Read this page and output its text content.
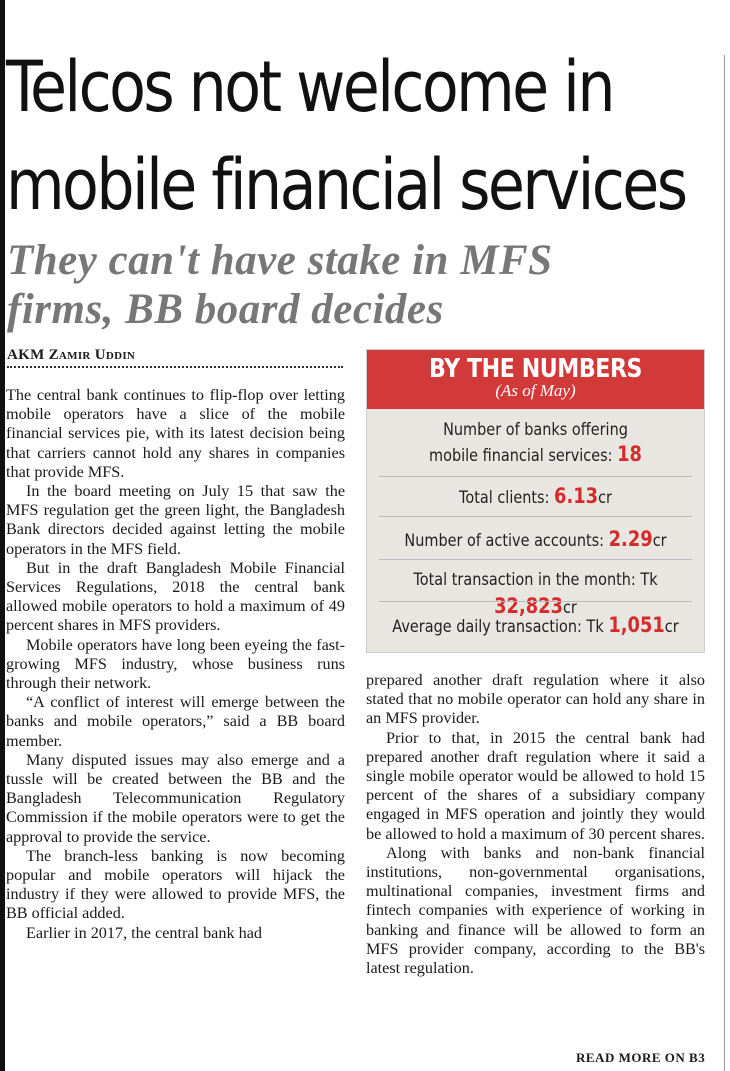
Telcos not welcome in
mobile financial services
They can't have stake in MFS
firms, BB board decides
AKM Zamir Uddin

The central bank continues to flip-flop over letting mobile operators have a slice of the mobile financial services pie, with its latest decision being that carriers cannot hold any shares in companies that provide MFS.

In the board meeting on July 15 that saw the MFS regulation get the green light, the Bangladesh Bank directors decided against letting the mobile operators in the MFS field.

But in the draft Bangladesh Mobile Financial Services Regulations, 2018 the central bank allowed mobile operators to hold a maximum of 49 percent shares in MFS providers.

Mobile operators have long been eyeing the fast-growing MFS industry, whose business runs through their network.

“A conflict of interest will emerge between the banks and mobile operators,” said a BB board member.

Many disputed issues may also emerge and a tussle will be created between the BB and the Bangladesh Telecommunication Regulatory Commission if the mobile operators were to get the approval to provide the service.

The branch-less banking is now becoming popular and mobile operators will hijack the industry if they were allowed to provide MFS, the BB official added.

Earlier in 2017, the central bank had

BY THE NUMBERS
(As of May)
Number of banks offering
mobile financial services: 18
Total clients: 6.13cr
Number of active accounts: 2.29cr
Total transaction in the month: Tk 32,823cr
Average daily transaction: Tk 1,051cr

prepared another draft regulation where it also stated that no mobile operator can hold any share in an MFS provider.

Prior to that, in 2015 the central bank had prepared another draft regulation where it said a single mobile operator would be allowed to hold 15 percent of the shares of a subsidiary company engaged in MFS operation and jointly they would be allowed to hold a maximum of 30 percent shares.

Along with banks and non-bank financial institutions, non-governmental organisations, multinational companies, investment firms and fintech companies with experience of working in banking and finance will be allowed to form an MFS provider company, according to the BB's latest regulation.

READ MORE ON B3
